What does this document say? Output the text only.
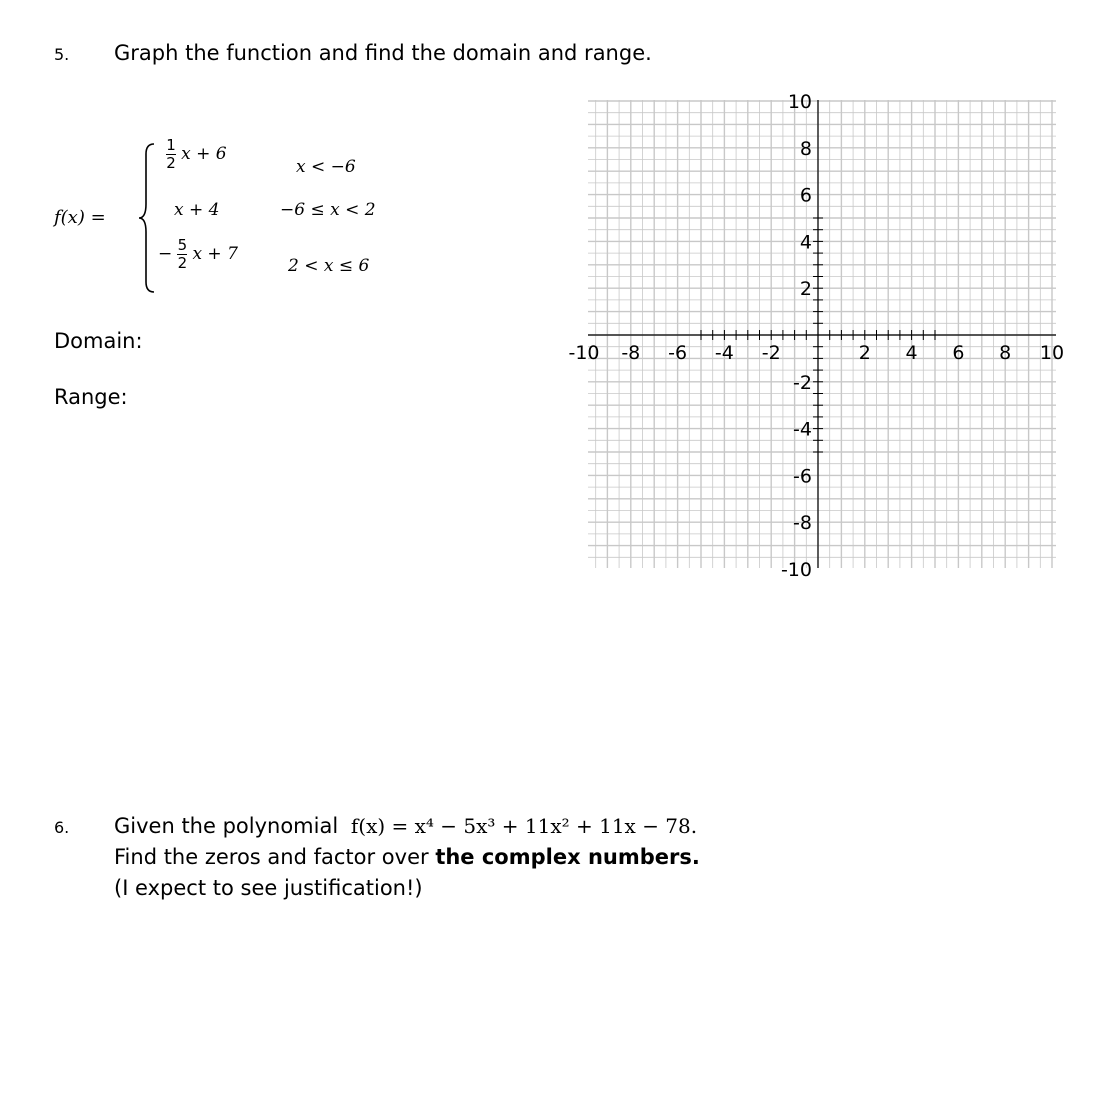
5. Graph the function and find the domain and range.
f(x) =
$\frac{1}{2}$ x + 6
x < −6
x + 4	−6 ≤ x < 2
− $\frac{5}{2}$ x + 7
2 < x ≤ 6
Domain:
Range:
-10 -8 -6 -4 -2	2 4 6 8 10
10
8
6
4
2
-2
-4
-6
-8
-10
6. Given the polynomial f(x) = x⁴ − 5x³ + 11x² + 11x − 78.
Find the zeros and factor over the complex numbers.
(I expect to see justification!)
